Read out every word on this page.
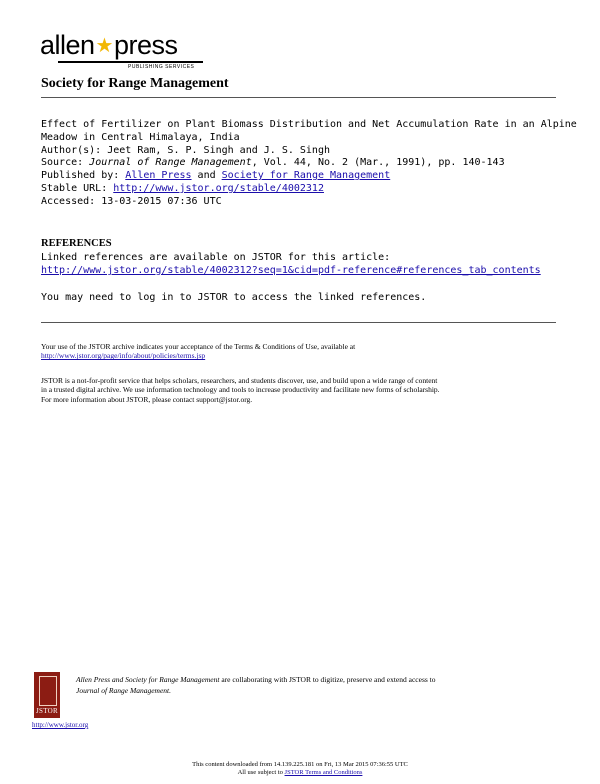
allen★press
PUBLISHING SERVICES
Society for Range Management
Effect of Fertilizer on Plant Biomass Distribution and Net Accumulation Rate in an Alpine
Meadow in Central Himalaya, India
Author(s): Jeet Ram, S. P. Singh and J. S. Singh
Source: Journal of Range Management, Vol. 44, No. 2 (Mar., 1991), pp. 140-143
Published by: Allen Press and Society for Range Management
Stable URL: http://www.jstor.org/stable/4002312
Accessed: 13-03-2015 07:36 UTC
REFERENCES
Linked references are available on JSTOR for this article:
http://www.jstor.org/stable/4002312?seq=1&cid=pdf-reference#references_tab_contents
You may need to log in to JSTOR to access the linked references.
Your use of the JSTOR archive indicates your acceptance of the Terms & Conditions of Use, available at
http://www.jstor.org/page/info/about/policies/terms.jsp
JSTOR is a not-for-profit service that helps scholars, researchers, and students discover, use, and build upon a wide range of content
in a trusted digital archive. We use information technology and tools to increase productivity and facilitate new forms of scholarship.
For more information about JSTOR, please contact support@jstor.org.
JSTOR
http://www.jstor.org
Allen Press and Society for Range Management are collaborating with JSTOR to digitize, preserve and extend access to
Journal of Range Management.
This content downloaded from 14.139.225.181 on Fri, 13 Mar 2015 07:36:55 UTC
All use subject to JSTOR Terms and Conditions
